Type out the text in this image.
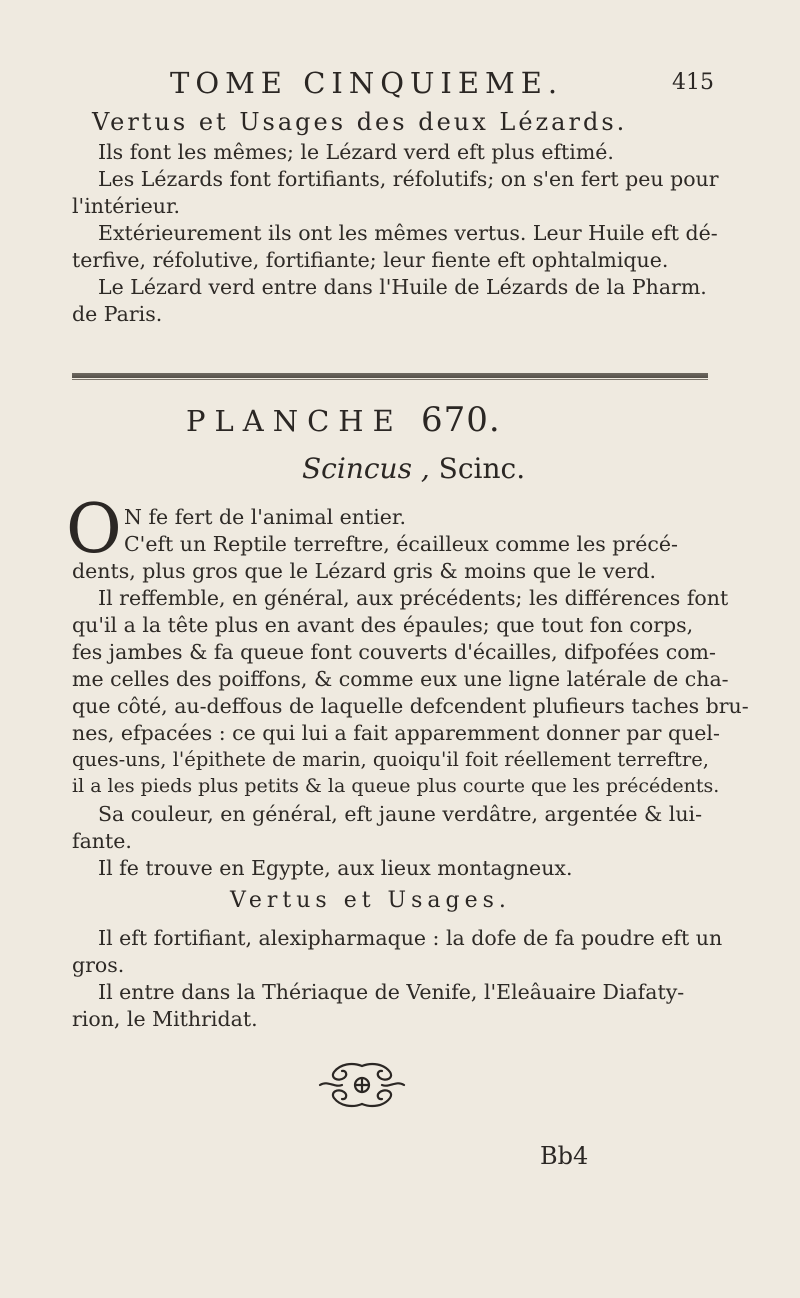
TOME CINQUIEME.	415
Vertus et Usages des deux Lézards.
Ils font les mêmes; le Lézard verd eft plus eftimé.
Les Lézards font fortifiants, réfolutifs; on s'en fert peu pour
l'intérieur.
Extérieurement ils ont les mêmes vertus. Leur Huile eft dé-
terfive, réfolutive, fortifiante; leur fiente eft ophtalmique.
Le Lézard verd entre dans l'Huile de Lézards de la Pharm.
de Paris.
PLANCHE 670.
Scincus , Scinc.
O N fe fert de l'animal entier.
C'eft un Reptile terreftre, écailleux comme les précé-
dents, plus gros que le Lézard gris & moins que le verd.
Il reffemble, en général, aux précédents; les différences font
qu'il a la tête plus en avant des épaules; que tout fon corps,
fes jambes & fa queue font couverts d'écailles, difpofées com-
me celles des poiffons, & comme eux une ligne latérale de cha-
que côté, au-deffous de laquelle defcendent plufieurs taches bru-
nes, efpacées : ce qui lui a fait apparemment donner par quel-
ques-uns, l'épithete de marin, quoiqu'il foit réellement terreftre,
il a les pieds plus petits & la queue plus courte que les précédents.
Sa couleur, en général, eft jaune verdâtre, argentée & lui-
fante.
Il fe trouve en Egypte, aux lieux montagneux.
Vertus et Usages.
Il eft fortifiant, alexipharmaque : la dofe de fa poudre eft un
gros.
Il entre dans la Thériaque de Venife, l'Eleâuaire Diafaty-
rion, le Mithridat.
Bb4
